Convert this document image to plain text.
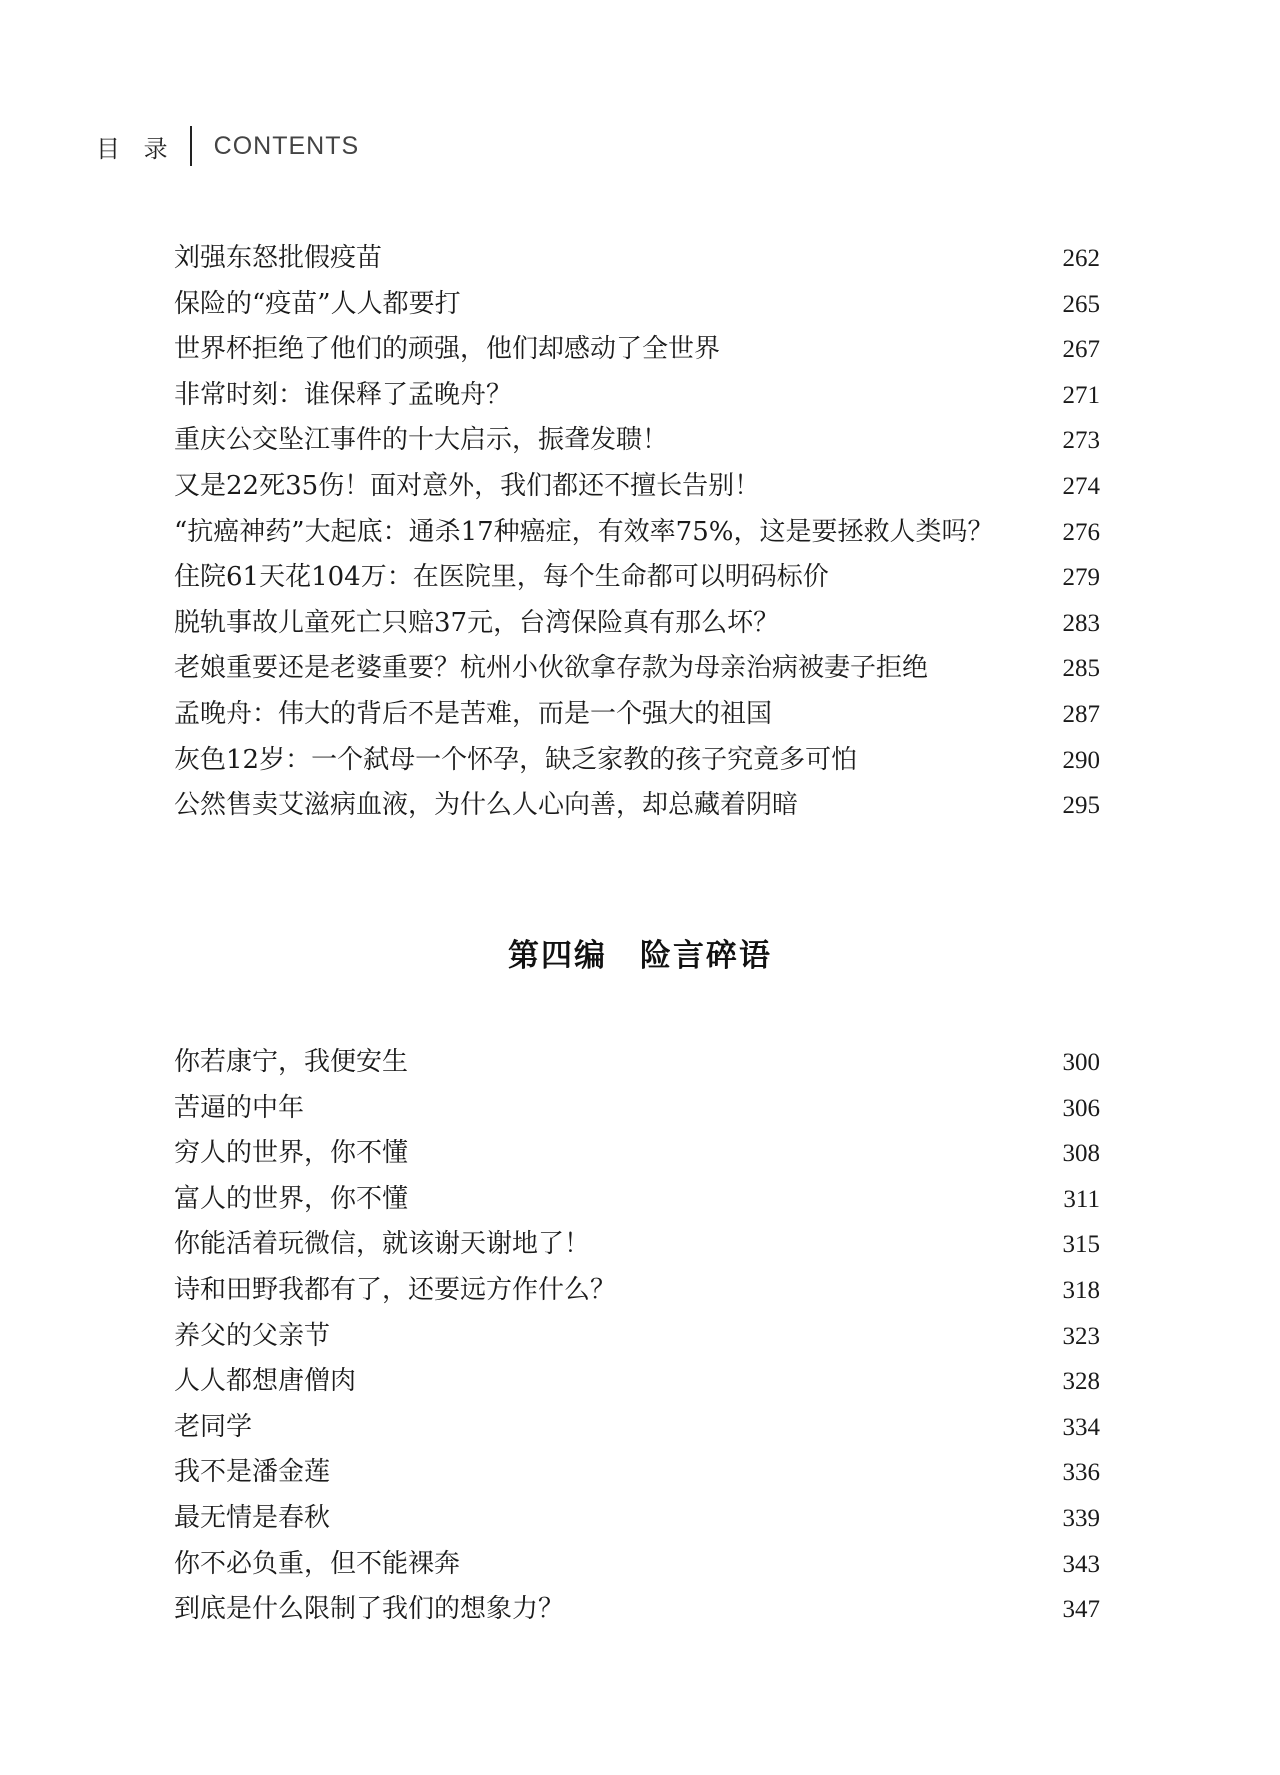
目 录 CONTENTS
刘强东怒批假疫苗	262
保险的“疫苗”人人都要打	265
世界杯拒绝了他们的顽强，他们却感动了全世界	267
非常时刻：谁保释了孟晚舟？	271
重庆公交坠江事件的十大启示，振聋发聩！	273
又是22死35伤！面对意外，我们都还不擅长告别！	274
“抗癌神药”大起底：通杀17种癌症，有效率75%，这是要拯救人类吗？	276
住院61天花104万：在医院里，每个生命都可以明码标价	279
脱轨事故儿童死亡只赔37元，台湾保险真有那么坏？	283
老娘重要还是老婆重要？杭州小伙欲拿存款为母亲治病被妻子拒绝	285
孟晚舟：伟大的背后不是苦难，而是一个强大的祖国	287
灰色12岁：一个弑母一个怀孕，缺乏家教的孩子究竟多可怕	290
公然售卖艾滋病血液，为什么人心向善，却总藏着阴暗	295
第四编　险言碎语
你若康宁，我便安生	300
苦逼的中年	306
穷人的世界，你不懂	308
富人的世界，你不懂	311
你能活着玩微信，就该谢天谢地了！	315
诗和田野我都有了，还要远方作什么？	318
养父的父亲节	323
人人都想唐僧肉	328
老同学	334
我不是潘金莲	336
最无情是春秋	339
你不必负重，但不能裸奔	343
到底是什么限制了我们的想象力？	347
